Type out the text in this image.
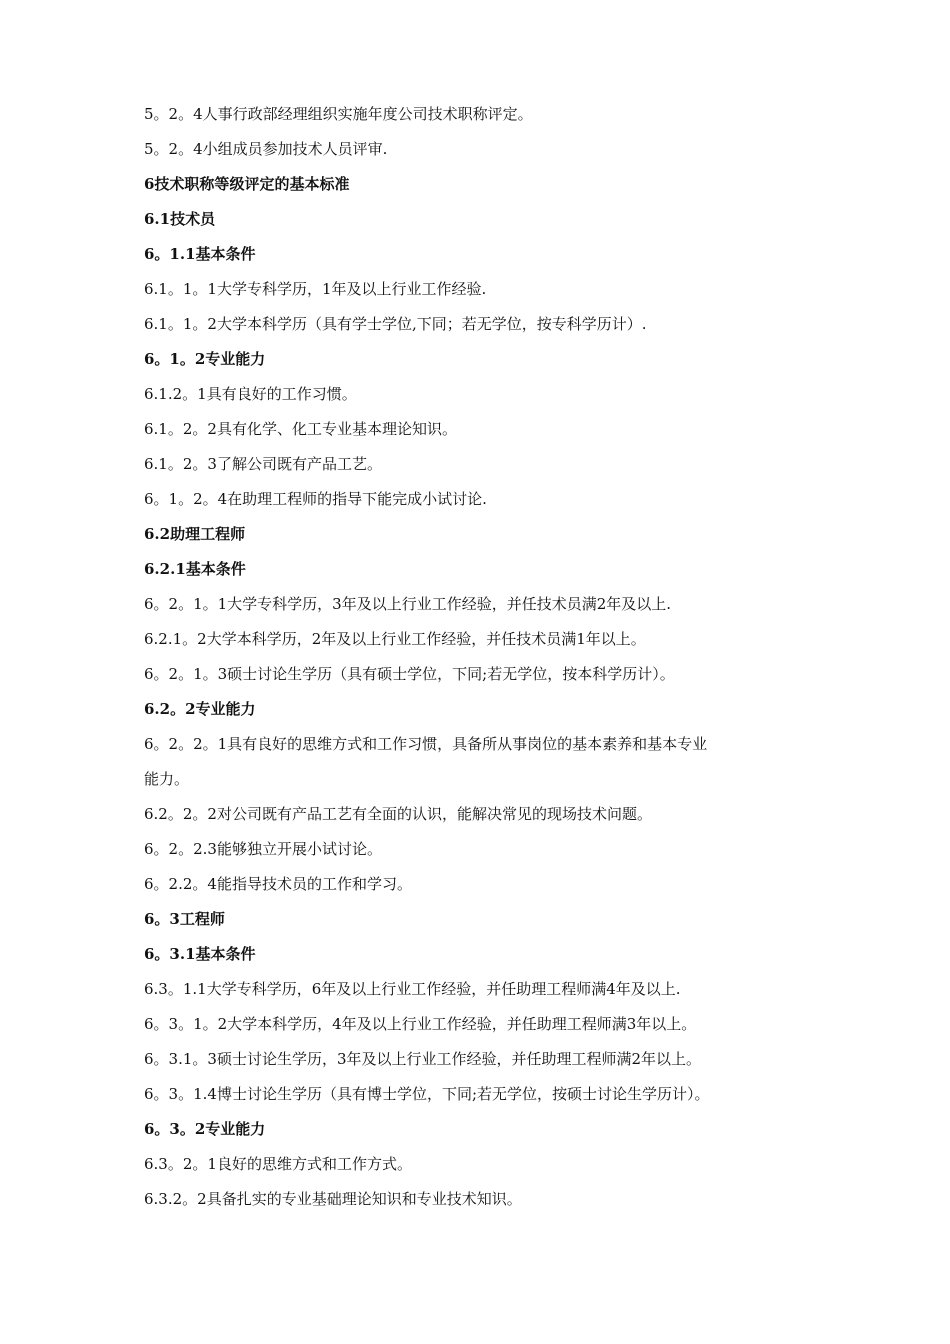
5。2。4人事行政部经理组织实施年度公司技术职称评定。
5。2。4小组成员参加技术人员评审.
6技术职称等级评定的基本标准
6.1技术员
6。1.1基本条件
6.1。1。1大学专科学历，1年及以上行业工作经验.
6.1。1。2大学本科学历（具有学士学位,下同；若无学位，按专科学历计）.
6。1。2专业能力
6.1.2。1具有良好的工作习惯。
6.1。2。2具有化学、化工专业基本理论知识。
6.1。2。3了解公司既有产品工艺。
6。1。2。4在助理工程师的指导下能完成小试讨论.
6.2助理工程师
6.2.1基本条件
6。2。1。1大学专科学历，3年及以上行业工作经验，并任技术员满2年及以上.
6.2.1。2大学本科学历，2年及以上行业工作经验，并任技术员满1年以上。
6。2。1。3硕士讨论生学历（具有硕士学位，下同;若无学位，按本科学历计）。
6.2。2专业能力
6。2。2。1具有良好的思维方式和工作习惯，具备所从事岗位的基本素养和基本专业
能力。
6.2。2。2对公司既有产品工艺有全面的认识，能解决常见的现场技术问题。
6。2。2.3能够独立开展小试讨论。
6。2.2。4能指导技术员的工作和学习。
6。3工程师
6。3.1基本条件
6.3。1.1大学专科学历，6年及以上行业工作经验，并任助理工程师满4年及以上.
6。3。1。2大学本科学历，4年及以上行业工作经验，并任助理工程师满3年以上。
6。3.1。3硕士讨论生学历，3年及以上行业工作经验，并任助理工程师满2年以上。
6。3。1.4博士讨论生学历（具有博士学位，下同;若无学位，按硕士讨论生学历计）。
6。3。2专业能力
6.3。2。1良好的思维方式和工作方式。
6.3.2。2具备扎实的专业基础理论知识和专业技术知识。
